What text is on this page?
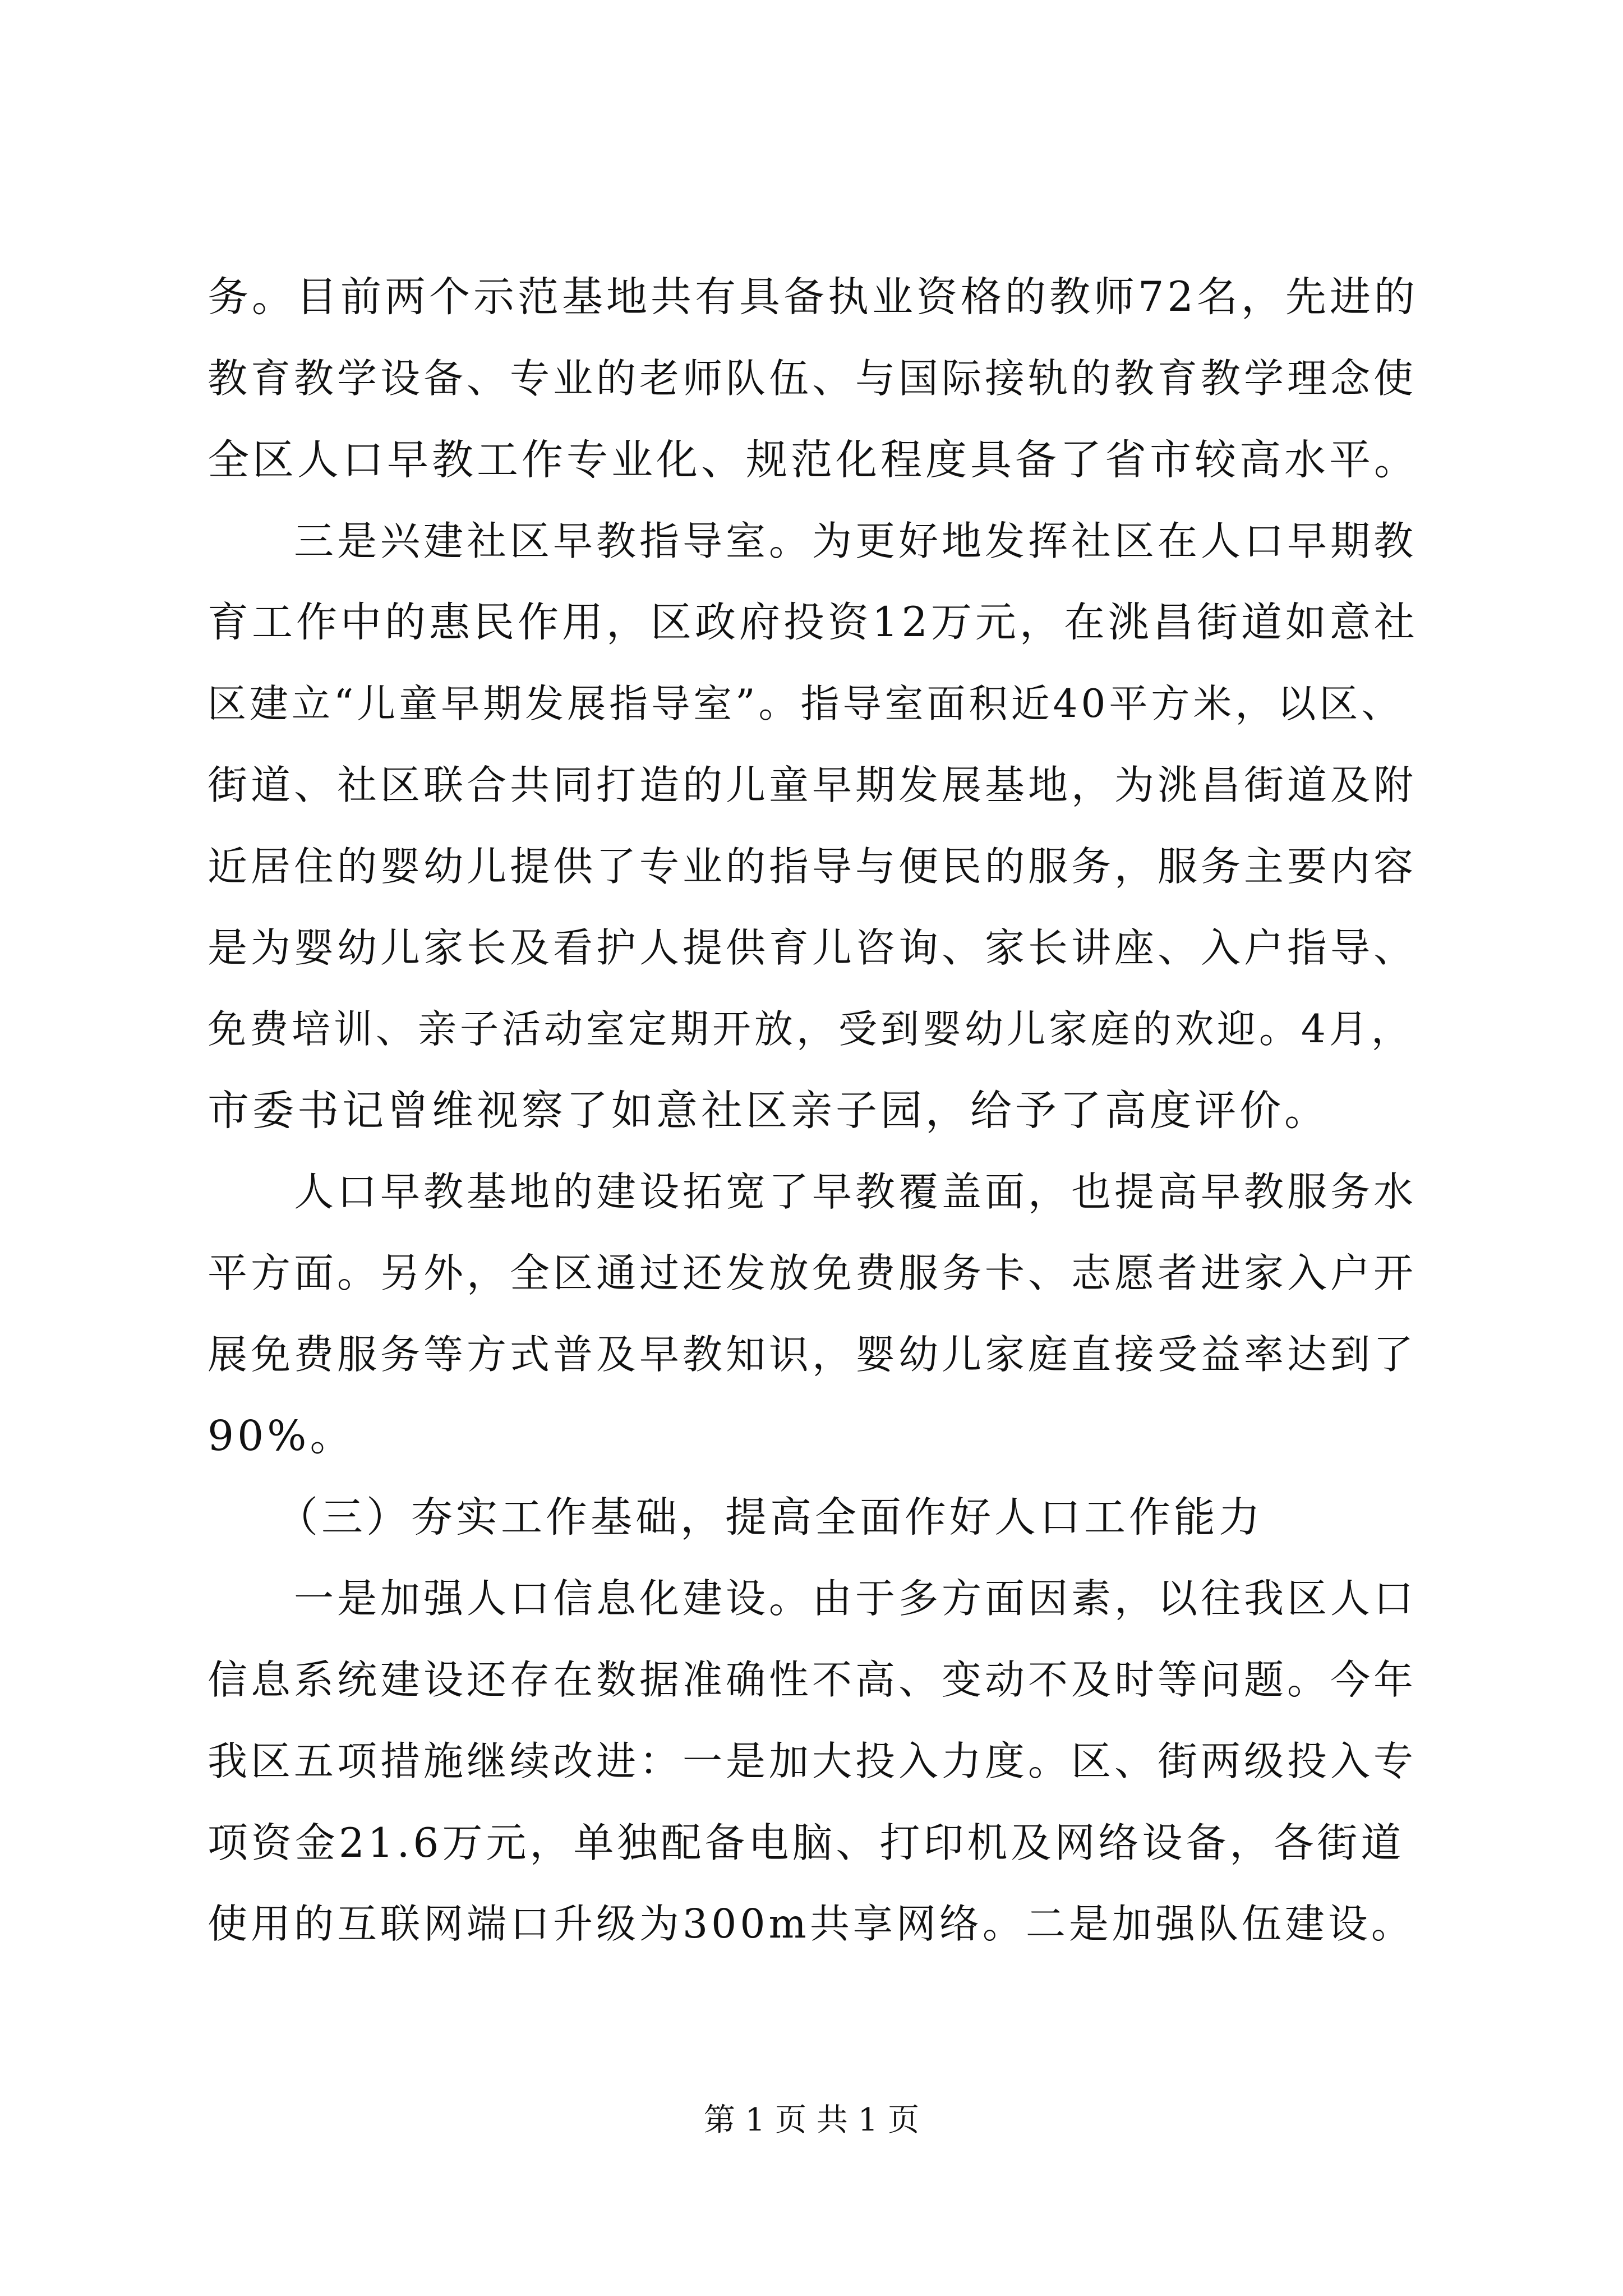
务。目前两个示范基地共有具备执业资格的教师72名，先进的
教育教学设备、专业的老师队伍、与国际接轨的教育教学理念使
全区人口早教工作专业化、规范化程度具备了省市较高水平。
　　三是兴建社区早教指导室。为更好地发挥社区在人口早期教
育工作中的惠民作用，区政府投资12万元，在洮昌街道如意社
区建立“儿童早期发展指导室”。指导室面积近40平方米，以区、
街道、社区联合共同打造的儿童早期发展基地，为洮昌街道及附
近居住的婴幼儿提供了专业的指导与便民的服务，服务主要内容
是为婴幼儿家长及看护人提供育儿咨询、家长讲座、入户指导、
免费培训、亲子活动室定期开放，受到婴幼儿家庭的欢迎。4月，
市委书记曾维视察了如意社区亲子园，给予了高度评价。
　　人口早教基地的建设拓宽了早教覆盖面，也提高早教服务水
平方面。另外，全区通过还发放免费服务卡、志愿者进家入户开
展免费服务等方式普及早教知识，婴幼儿家庭直接受益率达到了
90%。
　　（三）夯实工作基础，提高全面作好人口工作能力
　　一是加强人口信息化建设。由于多方面因素，以往我区人口
信息系统建设还存在数据准确性不高、变动不及时等问题。今年
我区五项措施继续改进：一是加大投入力度。区、街两级投入专
项资金21.6万元，单独配备电脑、打印机及网络设备，各街道
使用的互联网端口升级为300m共享网络。二是加强队伍建设。
第 1 页 共 1 页
